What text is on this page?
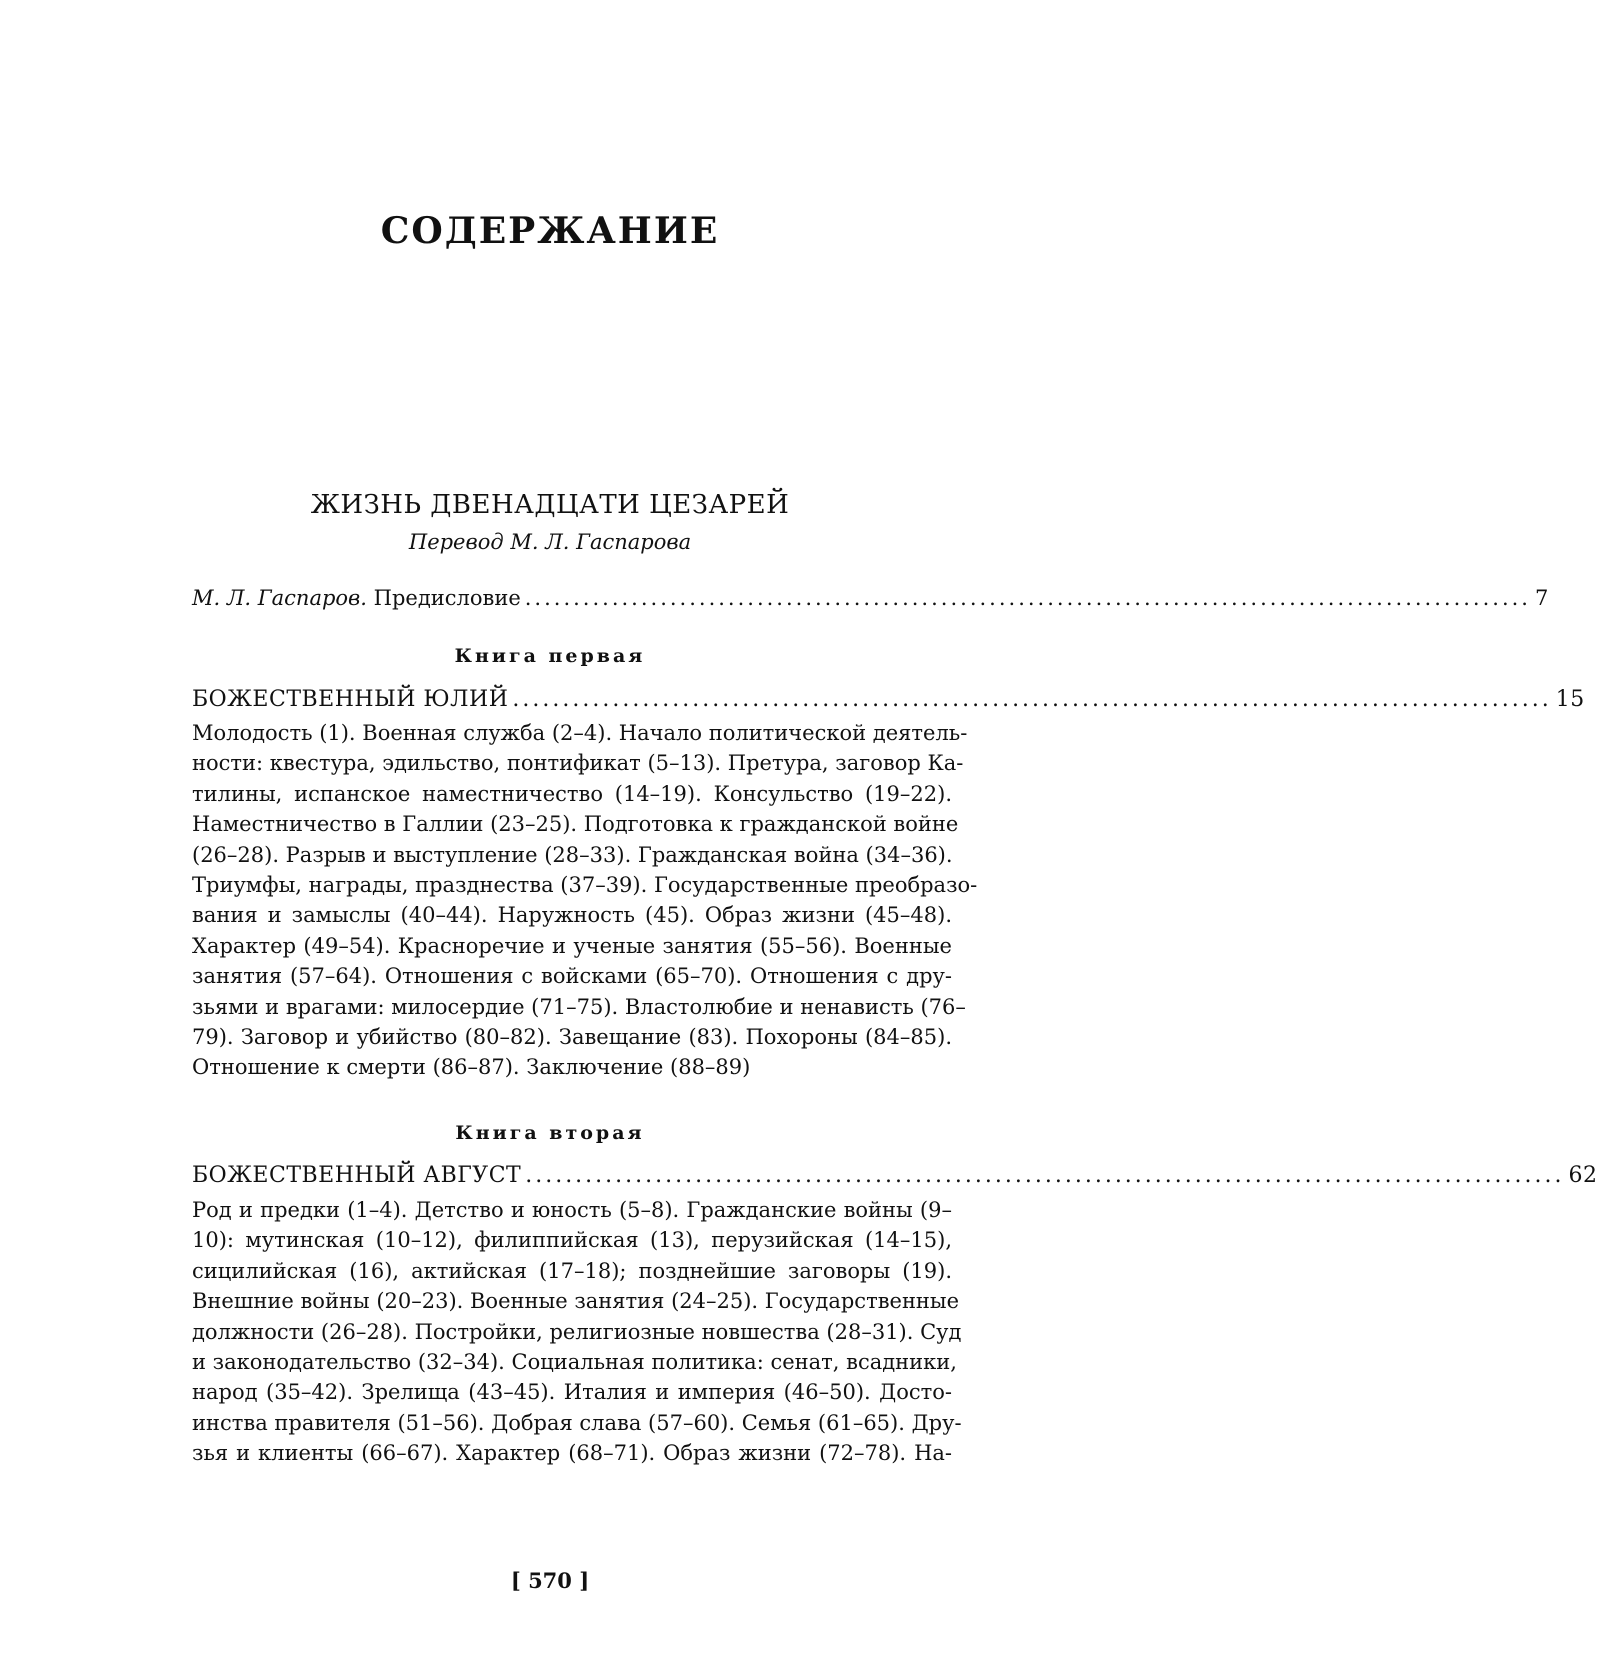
СОДЕРЖАНИЕ
ЖИЗНЬ ДВЕНАДЦАТИ ЦЕЗАРЕЙ
Перевод М. Л. Гаспарова
М. Л. Гаспаров. Предисловие ........................................................................................................ 7
Книга первая
БОЖЕСТВЕННЫЙ ЮЛИЙ ........................................................................................................ 15
Молодость (1). Военная служба (2–4). Начало политической деятель-
ности: квестура, эдильство, понтификат (5–13). Претура, заговор Ка-
тилины, испанское наместничество (14–19). Консульство (19–22).
Наместничество в Галлии (23–25). Подготовка к гражданской войне
(26–28). Разрыв и выступление (28–33). Гражданская война (34–36).
Триумфы, награды, празднества (37–39). Государственные преобразо-
вания и замыслы (40–44). Наружность (45). Образ жизни (45–48).
Характер (49–54). Красноречие и ученые занятия (55–56). Военные
занятия (57–64). Отношения с войсками (65–70). Отношения с дру-
зьями и врагами: милосердие (71–75). Властолюбие и ненависть (76–
79). Заговор и убийство (80–82). Завещание (83). Похороны (84–85).
Отношение к смерти (86–87). Заключение (88–89)
Книга вторая
БОЖЕСТВЕННЫЙ АВГУСТ ........................................................................................................ 62
Род и предки (1–4). Детство и юность (5–8). Гражданские войны (9–
10): мутинская (10–12), филиппийская (13), перузийская (14–15),
сицилийская (16), актийская (17–18); позднейшие заговоры (19).
Внешние войны (20–23). Военные занятия (24–25). Государственные
должности (26–28). Постройки, религиозные новшества (28–31). Суд
и законодательство (32–34). Социальная политика: сенат, всадники,
народ (35–42). Зрелища (43–45). Италия и империя (46–50). Досто-
инства правителя (51–56). Добрая слава (57–60). Семья (61–65). Дру-
зья и клиенты (66–67). Характер (68–71). Образ жизни (72–78). На-
[ 570 ]
